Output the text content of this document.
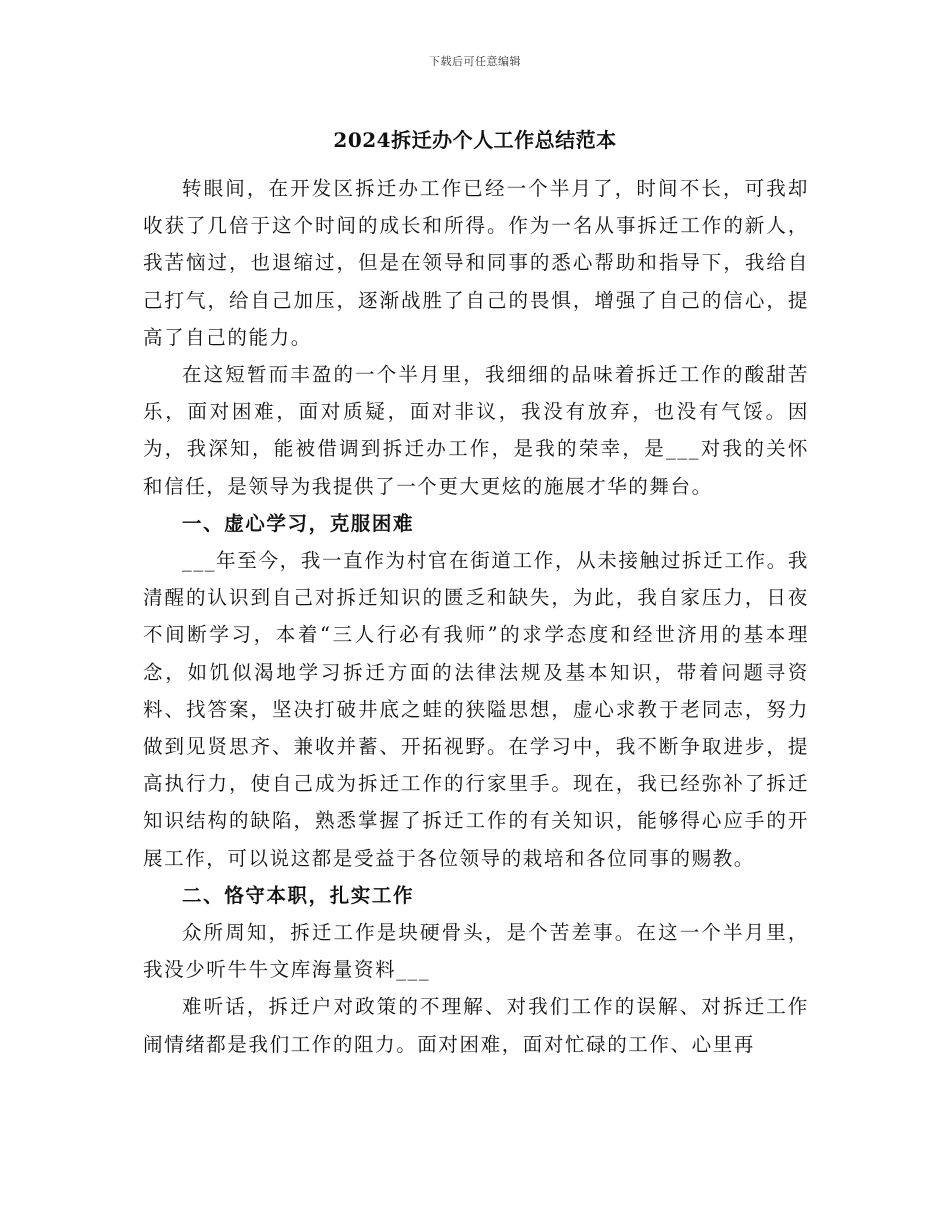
下载后可任意编辑
2024拆迁办个人工作总结范本

转眼间，在开发区拆迁办工作已经一个半月了，时间不长，可我却收获了几倍于这个时间的成长和所得。作为一名从事拆迁工作的新人，我苦恼过，也退缩过，但是在领导和同事的悉心帮助和指导下，我给自己打气，给自己加压，逐渐战胜了自己的畏惧，增强了自己的信心，提高了自己的能力。

在这短暂而丰盈的一个半月里，我细细的品味着拆迁工作的酸甜苦乐，面对困难，面对质疑，面对非议，我没有放弃，也没有气馁。因为，我深知，能被借调到拆迁办工作，是我的荣幸，是___对我的关怀和信任，是领导为我提供了一个更大更炫的施展才华的舞台。

一、虚心学习，克服困难

___年至今，我一直作为村官在街道工作，从未接触过拆迁工作。我清醒的认识到自己对拆迁知识的匮乏和缺失，为此，我自家压力，日夜不间断学习，本着“三人行必有我师”的求学态度和经世济用的基本理念，如饥似渴地学习拆迁方面的法律法规及基本知识，带着问题寻资料、找答案，坚决打破井底之蛙的狭隘思想，虚心求教于老同志，努力做到见贤思齐、兼收并蓄、开拓视野。在学习中，我不断争取进步，提高执行力，使自己成为拆迁工作的行家里手。现在，我已经弥补了拆迁知识结构的缺陷，熟悉掌握了拆迁工作的有关知识，能够得心应手的开展工作，可以说这都是受益于各位领导的栽培和各位同事的赐教。

二、恪守本职，扎实工作

众所周知，拆迁工作是块硬骨头，是个苦差事。在这一个半月里，我没少听牛牛文库海量资料___

难听话，拆迁户对政策的不理解、对我们工作的误解、对拆迁工作闹情绪都是我们工作的阻力。面对困难，面对忙碌的工作、心里再
